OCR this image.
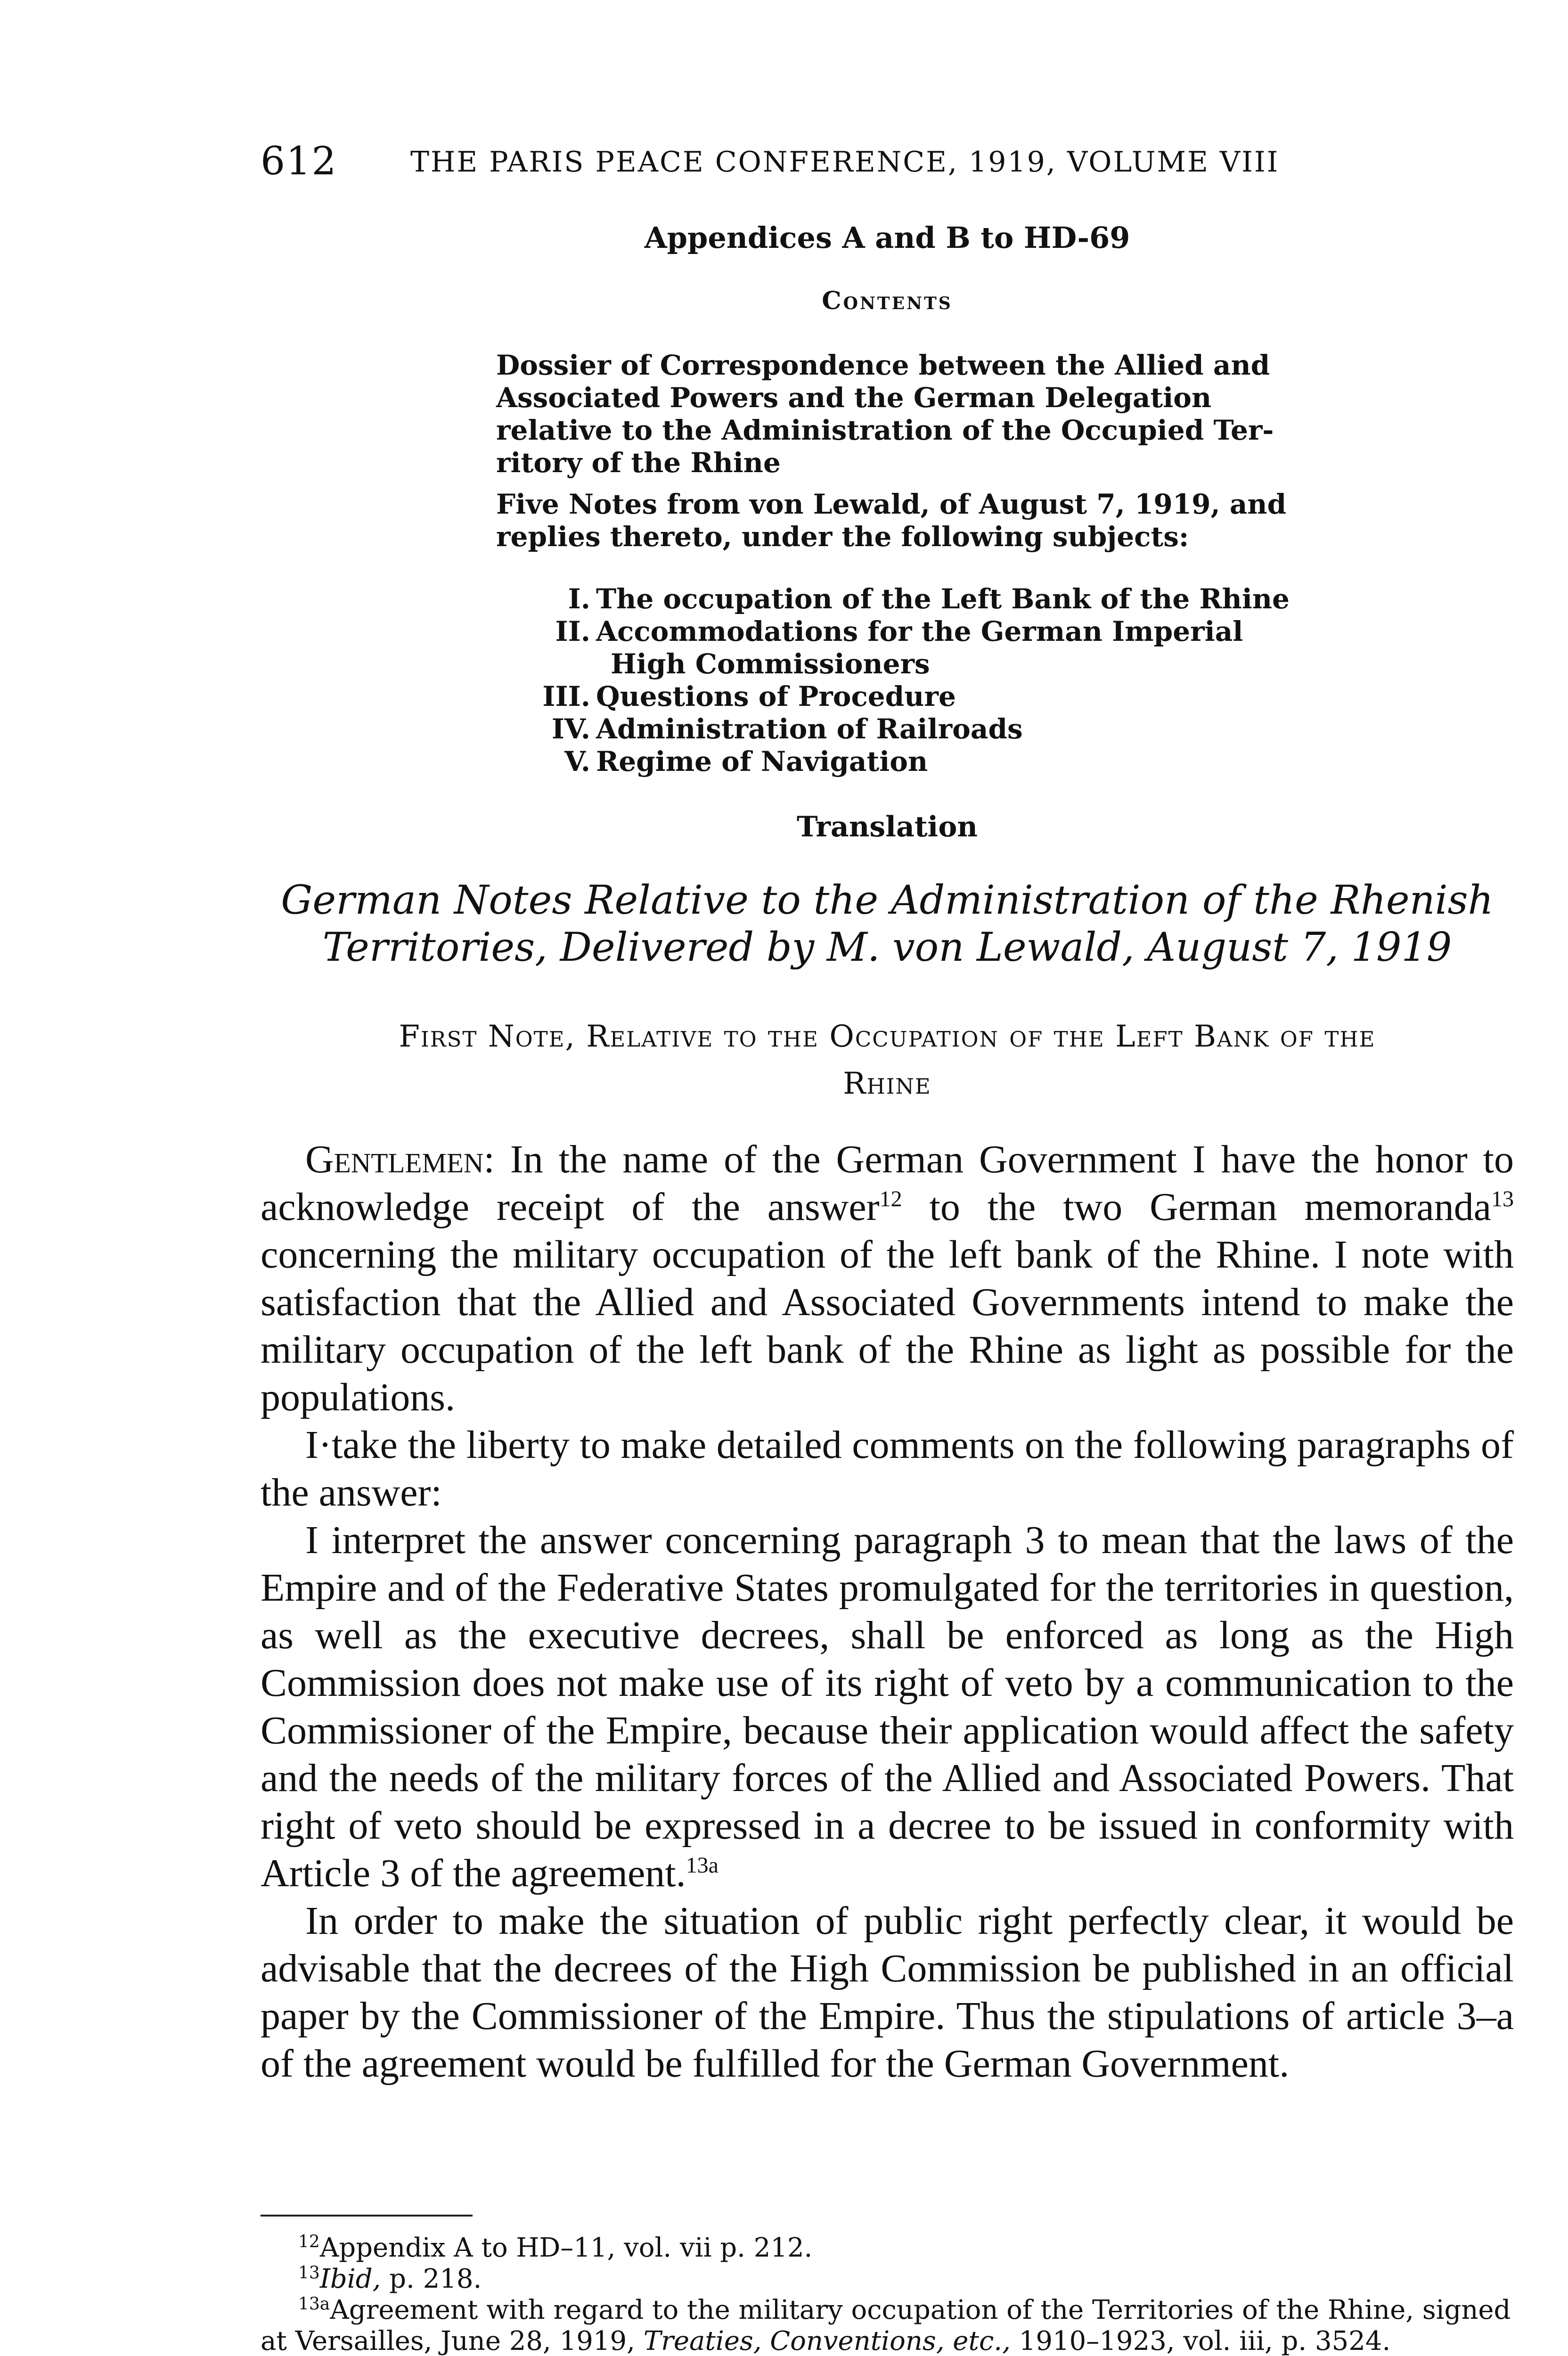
612	THE PARIS PEACE CONFERENCE, 1919, VOLUME VIII
Appendices A and B to HD-69
Contents
Dossier of Correspondence between the Allied and
Associated Powers and the German Delegation
relative to the Administration of the Occupied Ter-
ritory of the Rhine
Five Notes from von Lewald, of August 7, 1919, and
replies thereto, under the following subjects:
I. The occupation of the Left Bank of the Rhine
II. Accommodations for the German Imperial
High Commissioners
III. Questions of Procedure
IV. Administration of Railroads
V. Regime of Navigation
Translation
German Notes Relative to the Administration of the Rhenish
Territories, Delivered by M. von Lewald, August 7, 1919
First Note, Relative to the Occupation of the Left Bank of the
Rhine

Gentlemen: In the name of the German Government I have the honor to acknowledge receipt of the answer$^{12}$ to the two German memoranda$^{13}$ concerning the military occupation of the left bank of the Rhine. I note with satisfaction that the Allied and Associated Governments intend to make the military occupation of the left bank of the Rhine as light as possible for the populations.

I·take the liberty to make detailed comments on the following paragraphs of the answer:

I interpret the answer concerning paragraph 3 to mean that the laws of the Empire and of the Federative States promulgated for the territories in question, as well as the executive decrees, shall be enforced as long as the High Commission does not make use of its right of veto by a communication to the Commissioner of the Empire, because their application would affect the safety and the needs of the military forces of the Allied and Associated Powers. That right of veto should be expressed in a decree to be issued in conformity with Article 3 of the agreement.$^{13a}$

In order to make the situation of public right perfectly clear, it would be advisable that the decrees of the High Commission be published in an official paper by the Commissioner of the Empire. Thus the stipulations of article 3–a of the agreement would be fulfilled for the German Government.

$^{12}$Appendix A to HD–11, vol. vii p. 212.

$^{13}$Ibid, p. 218.

$^{13a}$Agreement with regard to the military occupation of the Territories of the Rhine, signed at Versailles, June 28, 1919, Treaties, Conventions, etc., 1910–1923, vol. iii, p. 3524.
